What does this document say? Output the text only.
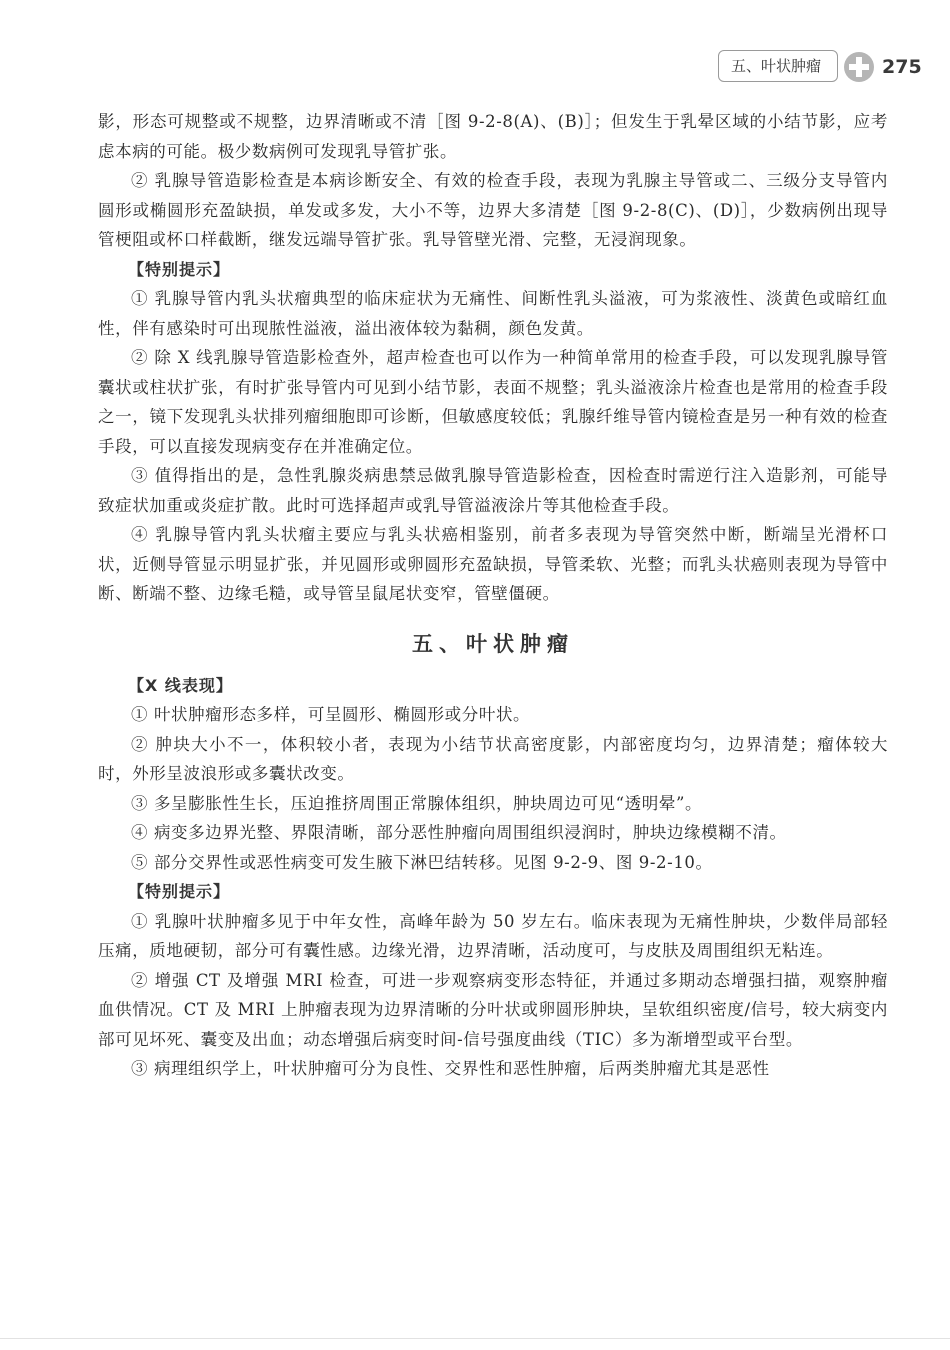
五、叶状肿瘤	275

影，形态可规整或不规整，边界清晰或不清［图 9-2-8(A)、(B)］；但发生于乳晕区域的小结节影，应考虑本病的可能。极少数病例可发现乳导管扩张。

② 乳腺导管造影检查是本病诊断安全、有效的检查手段，表现为乳腺主导管或二、三级分支导管内圆形或椭圆形充盈缺损，单发或多发，大小不等，边界大多清楚［图 9-2-8(C)、(D)］，少数病例出现导管梗阻或杯口样截断，继发远端导管扩张。乳导管壁光滑、完整，无浸润现象。

【特别提示】

① 乳腺导管内乳头状瘤典型的临床症状为无痛性、间断性乳头溢液，可为浆液性、淡黄色或暗红血性，伴有感染时可出现脓性溢液，溢出液体较为黏稠，颜色发黄。

② 除 X 线乳腺导管造影检查外，超声检查也可以作为一种简单常用的检查手段，可以发现乳腺导管囊状或柱状扩张，有时扩张导管内可见到小结节影，表面不规整；乳头溢液涂片检查也是常用的检查手段之一，镜下发现乳头状排列瘤细胞即可诊断，但敏感度较低；乳腺纤维导管内镜检查是另一种有效的检查手段，可以直接发现病变存在并准确定位。

③ 值得指出的是，急性乳腺炎病患禁忌做乳腺导管造影检查，因检查时需逆行注入造影剂，可能导致症状加重或炎症扩散。此时可选择超声或乳导管溢液涂片等其他检查手段。

④ 乳腺导管内乳头状瘤主要应与乳头状癌相鉴别，前者多表现为导管突然中断，断端呈光滑杯口状，近侧导管显示明显扩张，并见圆形或卵圆形充盈缺损，导管柔软、光整；而乳头状癌则表现为导管中断、断端不整、边缘毛糙，或导管呈鼠尾状变窄，管壁僵硬。

五、叶状肿瘤

【X 线表现】

① 叶状肿瘤形态多样，可呈圆形、椭圆形或分叶状。

② 肿块大小不一，体积较小者，表现为小结节状高密度影，内部密度均匀，边界清楚；瘤体较大时，外形呈波浪形或多囊状改变。

③ 多呈膨胀性生长，压迫推挤周围正常腺体组织，肿块周边可见“透明晕”。

④ 病变多边界光整、界限清晰，部分恶性肿瘤向周围组织浸润时，肿块边缘模糊不清。

⑤ 部分交界性或恶性病变可发生腋下淋巴结转移。见图 9-2-9、图 9-2-10。

【特别提示】

① 乳腺叶状肿瘤多见于中年女性，高峰年龄为 50 岁左右。临床表现为无痛性肿块，少数伴局部轻压痛，质地硬韧，部分可有囊性感。边缘光滑，边界清晰，活动度可，与皮肤及周围组织无粘连。

② 增强 CT 及增强 MRI 检查，可进一步观察病变形态特征，并通过多期动态增强扫描，观察肿瘤血供情况。CT 及 MRI 上肿瘤表现为边界清晰的分叶状或卵圆形肿块，呈软组织密度/信号，较大病变内部可见坏死、囊变及出血；动态增强后病变时间-信号强度曲线（TIC）多为渐增型或平台型。

③ 病理组织学上，叶状肿瘤可分为良性、交界性和恶性肿瘤，后两类肿瘤尤其是恶性
